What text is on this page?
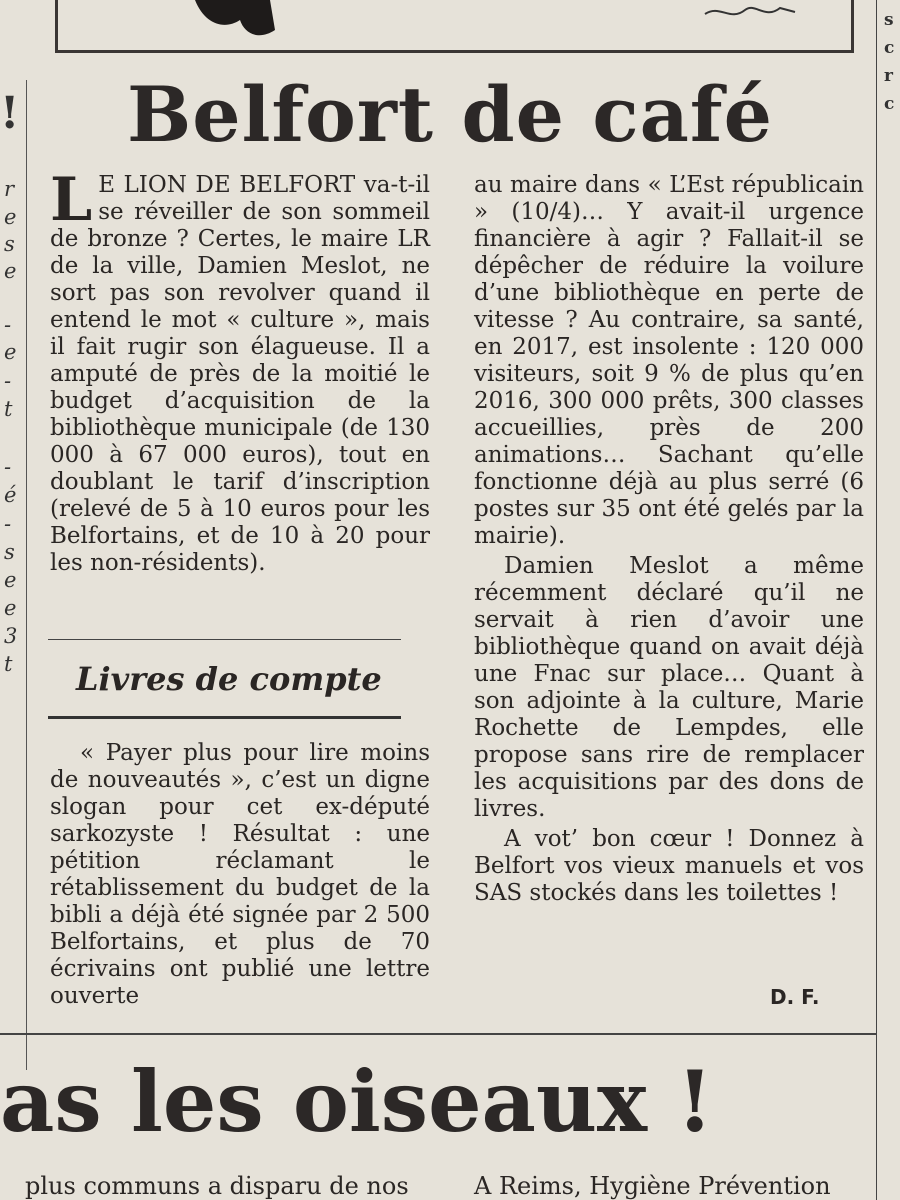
!
r
e
s
e
-
e
-
t
-
é
-
s
e
e
3
t
s
c
r
c
Belfort de café

L E LION DE BELFORT va-t-il se réveiller de son sommeil de bronze ? Certes, le maire LR de la ville, Damien Meslot, ne sort pas son revolver quand il entend le mot « culture », mais il fait rugir son élagueuse. Il a amputé de près de la moitié le budget d’acquisition de la bibliothèque municipale (de 130 000 à 67 000 euros), tout en doublant le tarif d’inscription (relevé de 5 à 10 euros pour les Belfortains, et de 10 à 20 pour les non-résidents).

Livres de compte

« Payer plus pour lire moins de nouveautés », c’est un digne slogan pour cet ex-député sarkozyste ! Résultat : une pétition réclamant le rétablissement du budget de la bibli a déjà été signée par 2 500 Belfortains, et plus de 70 écrivains ont publié une lettre ouverte

au maire dans « L’Est républicain » (10/4)… Y avait-il urgence financière à agir ? Fallait-il se dépêcher de réduire la voilure d’une bibliothèque en perte de vitesse ? Au contraire, sa santé, en 2017, est insolente : 120 000 visiteurs, soit 9 % de plus qu’en 2016, 300 000 prêts, 300 classes accueillies, près de 200 animations… Sachant qu’elle fonctionne déjà au plus serré (6 postes sur 35 ont été gelés par la mairie).

Damien Meslot a même récemment déclaré qu’il ne servait à rien d’avoir une bibliothèque quand on avait déjà une Fnac sur place… Quant à son adjointe à la culture, Marie Rochette de Lempdes, elle propose sans rire de remplacer les acquisitions par des dons de livres.

A vot’ bon cœur ! Donnez à Belfort vos vieux manuels et vos SAS stockés dans les toilettes !

D. F.
as les oiseaux !
plus communs a disparu de nos	A Reims, Hygiène Prévention
